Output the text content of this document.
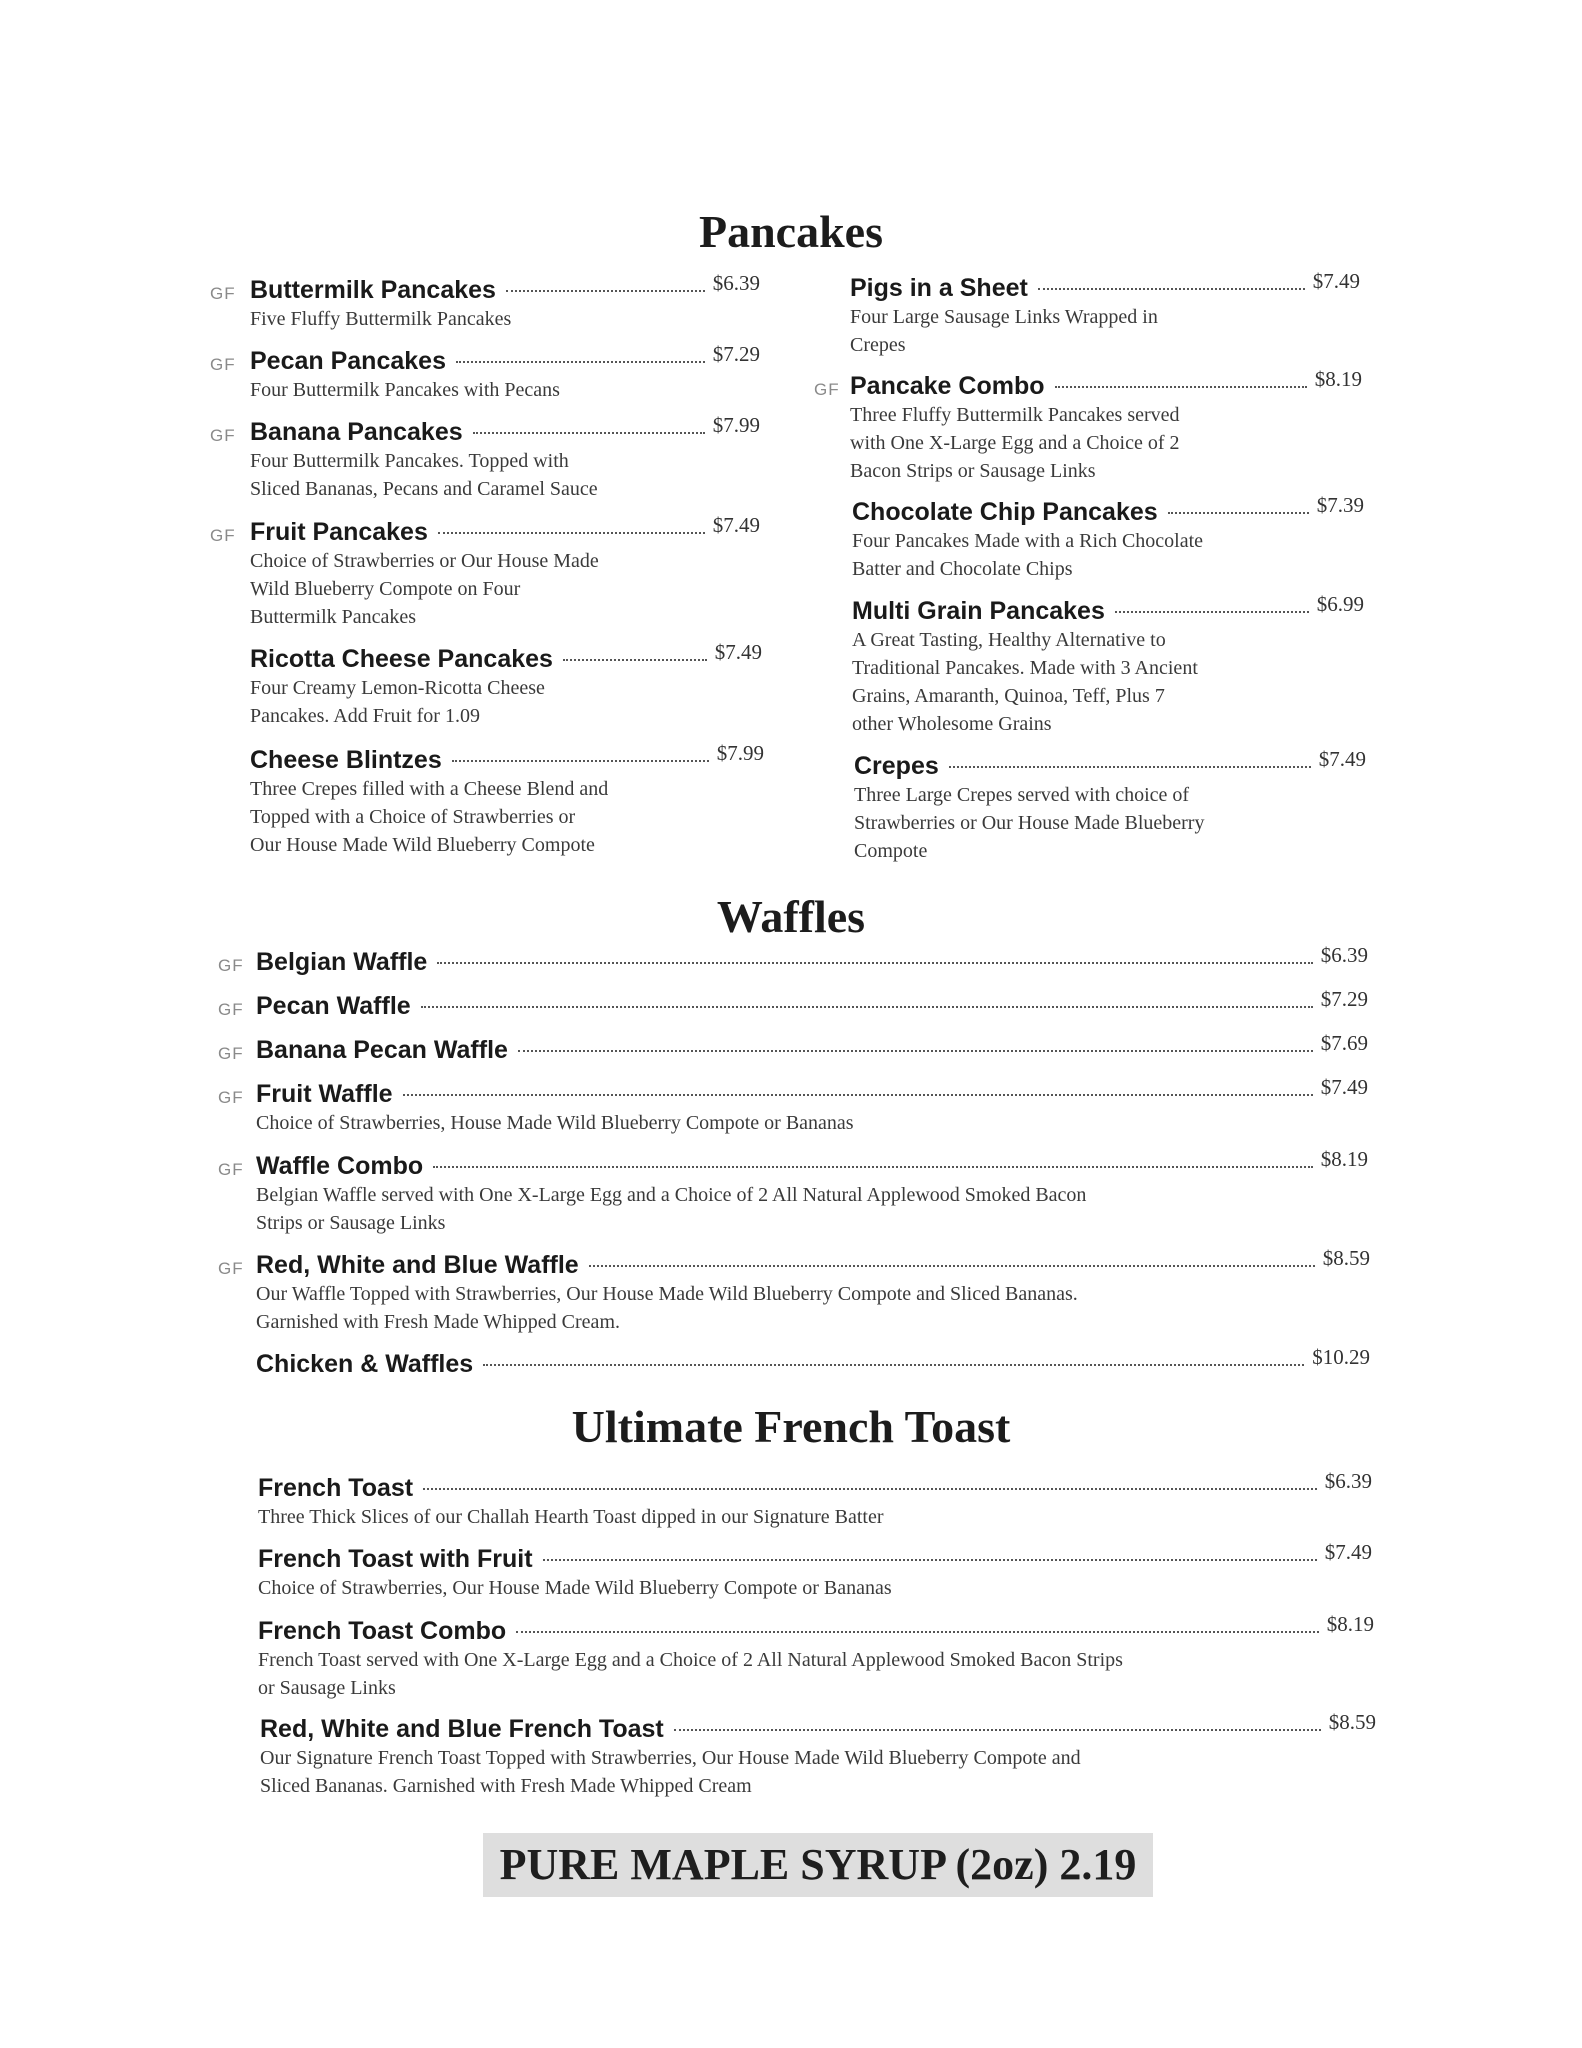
Pancakes
GF Buttermilk Pancakes	$6.39
Five Fluffy Buttermilk Pancakes
GF Pecan Pancakes	$7.29
Four Buttermilk Pancakes with Pecans
GF Banana Pancakes	$7.99
Four Buttermilk Pancakes. Topped with
Sliced Bananas, Pecans and Caramel Sauce
GF Fruit Pancakes	$7.49
Choice of Strawberries or Our House Made
Wild Blueberry Compote on Four
Buttermilk Pancakes
Ricotta Cheese Pancakes	$7.49
Four Creamy Lemon-Ricotta Cheese
Pancakes. Add Fruit for 1.09
Cheese Blintzes	$7.99
Three Crepes filled with a Cheese Blend and
Topped with a Choice of Strawberries or
Our House Made Wild Blueberry Compote
Pigs in a Sheet	$7.49
Four Large Sausage Links Wrapped in
Crepes
GF Pancake Combo	$8.19
Three Fluffy Buttermilk Pancakes served
with One X-Large Egg and a Choice of 2
Bacon Strips or Sausage Links
Chocolate Chip Pancakes	$7.39
Four Pancakes Made with a Rich Chocolate
Batter and Chocolate Chips
Multi Grain Pancakes	$6.99
A Great Tasting, Healthy Alternative to
Traditional Pancakes. Made with 3 Ancient
Grains, Amaranth, Quinoa, Teff, Plus 7
other Wholesome Grains
Crepes	$7.49
Three Large Crepes served with choice of
Strawberries or Our House Made Blueberry
Compote
Waffles
GF Belgian Waffle	$6.39
GF Pecan Waffle	$7.29
GF Banana Pecan Waffle	$7.69
GF Fruit Waffle	$7.49
Choice of Strawberries, House Made Wild Blueberry Compote or Bananas
GF Waffle Combo	$8.19
Belgian Waffle served with One X-Large Egg and a Choice of 2 All Natural Applewood Smoked Bacon
Strips or Sausage Links
GF Red, White and Blue Waffle	$8.59
Our Waffle Topped with Strawberries, Our House Made Wild Blueberry Compote and Sliced Bananas.
Garnished with Fresh Made Whipped Cream.
Chicken & Waffles	$10.29
Ultimate French Toast
French Toast	$6.39
Three Thick Slices of our Challah Hearth Toast dipped in our Signature Batter
French Toast with Fruit	$7.49
Choice of Strawberries, Our House Made Wild Blueberry Compote or Bananas
French Toast Combo	$8.19
French Toast served with One X-Large Egg and a Choice of 2 All Natural Applewood Smoked Bacon Strips
or Sausage Links
Red, White and Blue French Toast	$8.59
Our Signature French Toast Topped with Strawberries, Our House Made Wild Blueberry Compote and
Sliced Bananas. Garnished with Fresh Made Whipped Cream
PURE MAPLE SYRUP (2oz) 2.19
